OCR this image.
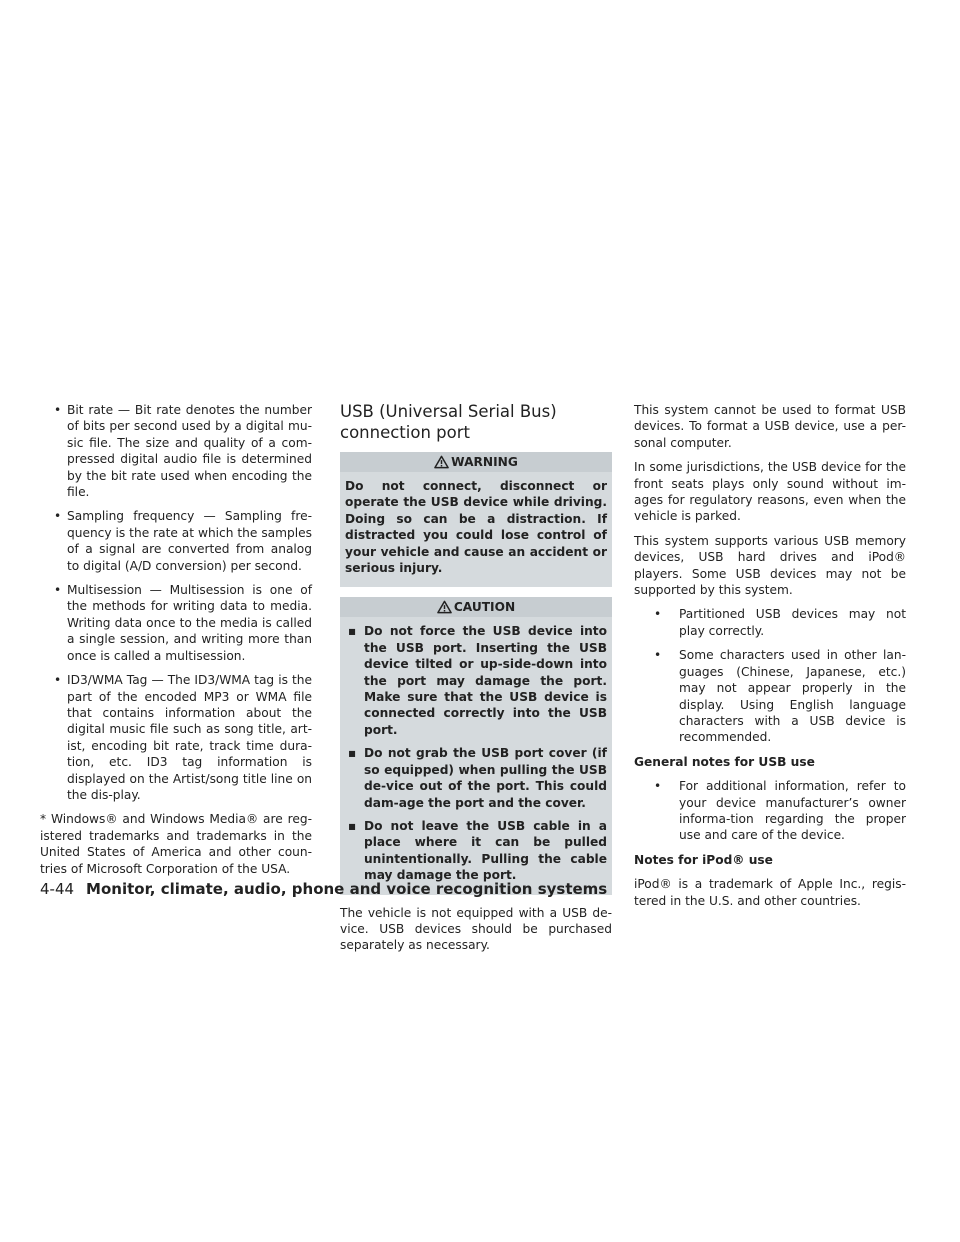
• Bit rate — Bit rate denotes the number of bits per second used by a digital mu-sic file. The size and quality of a com-pressed digital audio file is determined by the bit rate used when encoding the file.
• Sampling frequency — Sampling fre-quency is the rate at which the samples of a signal are converted from analog to digital (A/D conversion) per second.
• Multisession — Multisession is one of the methods for writing data to media. Writing data once to the media is called a single session, and writing more than once is called a multisession.
• ID3/WMA Tag — The ID3/WMA tag is the part of the encoded MP3 or WMA file that contains information about the digital music file such as song title, art-ist, encoding bit rate, track time dura-tion, etc. ID3 tag information is displayed on the Artist/song title line on the dis-play.

* Windows® and Windows Media® are reg-istered trademarks and trademarks in the United States of America and other coun-tries of Microsoft Corporation of the USA.

USB (Universal Serial Bus) connection port
WARNING

Do not connect, disconnect or operate the USB device while driving. Doing so can be a distraction. If distracted you could lose control of your vehicle and cause an accident or serious injury.

CAUTION
▪ Do not force the USB device into the USB port. Inserting the USB device tilted or up-side-down into the port may damage the port. Make sure that the USB device is connected correctly into the USB port.
▪ Do not grab the USB port cover (if so equipped) when pulling the USB de-vice out of the port. This could dam-age the port and the cover.
▪ Do not leave the USB cable in a place where it can be pulled unintentionally. Pulling the cable may damage the port.

The vehicle is not equipped with a USB de-vice. USB devices should be purchased separately as necessary.

This system cannot be used to format USB devices. To format a USB device, use a per-sonal computer.

In some jurisdictions, the USB device for the front seats plays only sound without im-ages for regulatory reasons, even when the vehicle is parked.

This system supports various USB memory devices, USB hard drives and iPod® players. Some USB devices may not be supported by this system.

• Partitioned USB devices may not play correctly.
• Some characters used in other lan-guages (Chinese, Japanese, etc.) may not appear properly in the display. Using English language characters with a USB device is recommended.
General notes for USB use
• For additional information, refer to your device manufacturer’s owner informa-tion regarding the proper use and care of the device.
Notes for iPod® use

iPod® is a trademark of Apple Inc., regis-tered in the U.S. and other countries.

4-44 Monitor, climate, audio, phone and voice recognition systems
